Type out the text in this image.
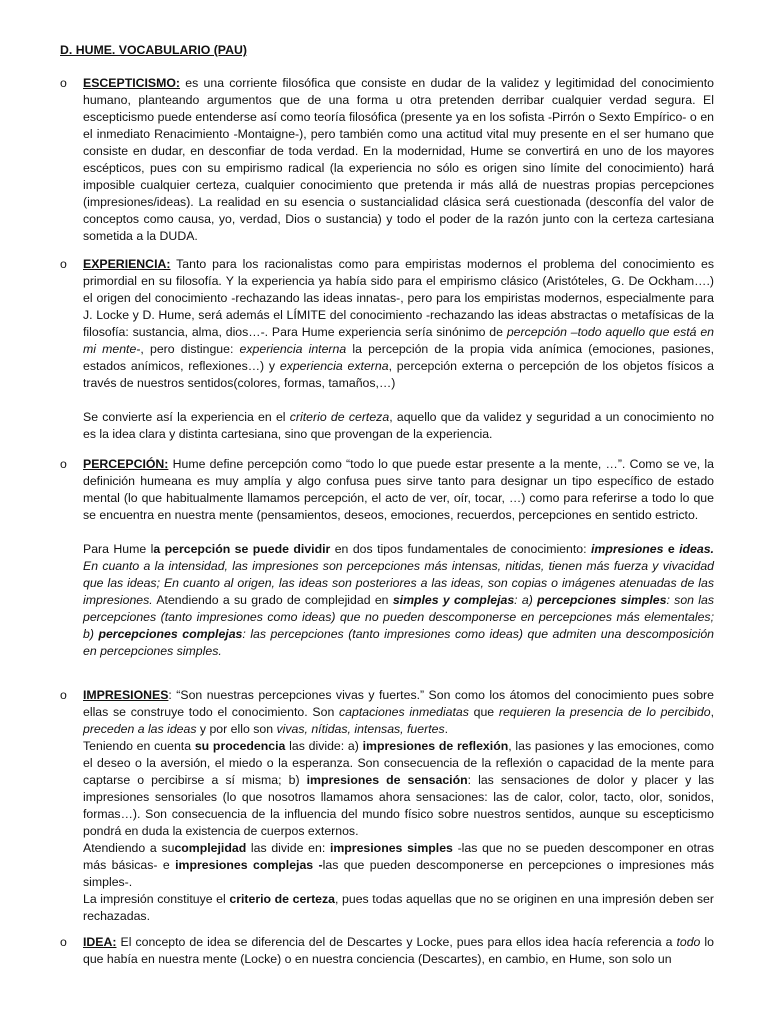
D. HUME. VOCABULARIO (PAU)

o ESCEPTICISMO: es una corriente filosófica que consiste en dudar de la validez y legitimidad del conocimiento humano, planteando argumentos que de una forma u otra pretenden derribar cualquier verdad segura. El escepticismo puede entenderse así como teoría filosófica (presente ya en los sofista -Pirrón o Sexto Empírico- o en el inmediato Renacimiento -Montaigne-), pero también como una actitud vital muy presente en el ser humano que consiste en dudar, en desconfiar de toda verdad. En la modernidad, Hume se convertirá en uno de los mayores escépticos, pues con su empirismo radical (la experiencia no sólo es origen sino límite del conocimiento) hará imposible cualquier certeza, cualquier conocimiento que pretenda ir más allá de nuestras propias percepciones (impresiones/ideas). La realidad en su esencia o sustancialidad clásica será cuestionada (desconfía del valor de conceptos como causa, yo, verdad, Dios o sustancia) y todo el poder de la razón junto con la certeza cartesiana sometida a la DUDA.

o EXPERIENCIA: Tanto para los racionalistas como para empiristas modernos el problema del conocimiento es primordial en su filosofía. Y la experiencia ya había sido para el empirismo clásico (Aristóteles, G. De Ockham….) el origen del conocimiento -rechazando las ideas innatas-, pero para los empiristas modernos, especialmente para J. Locke y D. Hume, será además el LÍMITE del conocimiento -rechazando las ideas abstractas o metafísicas de la filosofía: sustancia, alma, dios…-. Para Hume experiencia sería sinónimo de percepción –todo aquello que está en mi mente-, pero distingue: experiencia interna la percepción de la propia vida anímica (emociones, pasiones, estados anímicos, reflexiones…) y experiencia externa, percepción externa o percepción de los objetos físicos a través de nuestros sentidos(colores, formas, tamaños,…)

Se convierte así la experiencia en el criterio de certeza, aquello que da validez y seguridad a un conocimiento no es la idea clara y distinta cartesiana, sino que provengan de la experiencia.

o PERCEPCIÓN: Hume define percepción como “todo lo que puede estar presente a la mente, …”. Como se ve, la definición humeana es muy amplía y algo confusa pues sirve tanto para designar un tipo específico de estado mental (lo que habitualmente llamamos percepción, el acto de ver, oír, tocar, …) como para referirse a todo lo que se encuentra en nuestra mente (pensamientos, deseos, emociones, recuerdos, percepciones en sentido estricto.

Para Hume la percepción se puede dividir en dos tipos fundamentales de conocimiento: impresiones e ideas. En cuanto a la intensidad, las impresiones son percepciones más intensas, nitidas, tienen más fuerza y vivacidad que las ideas; En cuanto al origen, las ideas son posteriores a las ideas, son copias o imágenes atenuadas de las impresiones. Atendiendo a su grado de complejidad en simples y complejas: a) percepciones simples: son las percepciones (tanto impresiones como ideas) que no pueden descomponerse en percepciones más elementales; b) percepciones complejas: las percepciones (tanto impresiones como ideas) que admiten una descomposición en percepciones simples.

o IMPRESIONES: “Son nuestras percepciones vivas y fuertes.” Son como los átomos del conocimiento pues sobre ellas se construye todo el conocimiento. Son captaciones inmediatas que requieren la presencia de lo percibido, preceden a las ideas y por ello son vivas, nítidas, intensas, fuertes.
Teniendo en cuenta su procedencia las divide: a) impresiones de reflexión, las pasiones y las emociones, como el deseo o la aversión, el miedo o la esperanza. Son consecuencia de la reflexión o capacidad de la mente para captarse o percibirse a sí misma; b) impresiones de sensación: las sensaciones de dolor y placer y las impresiones sensoriales (lo que nosotros llamamos ahora sensaciones: las de calor, color, tacto, olor, sonidos, formas…). Son consecuencia de la influencia del mundo físico sobre nuestros sentidos, aunque su escepticismo pondrá en duda la existencia de cuerpos externos.
Atendiendo a sucomplejidad las divide en: impresiones simples -las que no se pueden descomponer en otras más básicas- e impresiones complejas -las que pueden descomponerse en percepciones o impresiones más simples-.
La impresión constituye el criterio de certeza, pues todas aquellas que no se originen en una impresión deben ser rechazadas.

o IDEA: El concepto de idea se diferencia del de Descartes y Locke, pues para ellos idea hacía referencia a todo lo que había en nuestra mente (Locke) o en nuestra conciencia (Descartes), en cambio, en Hume, son solo un
